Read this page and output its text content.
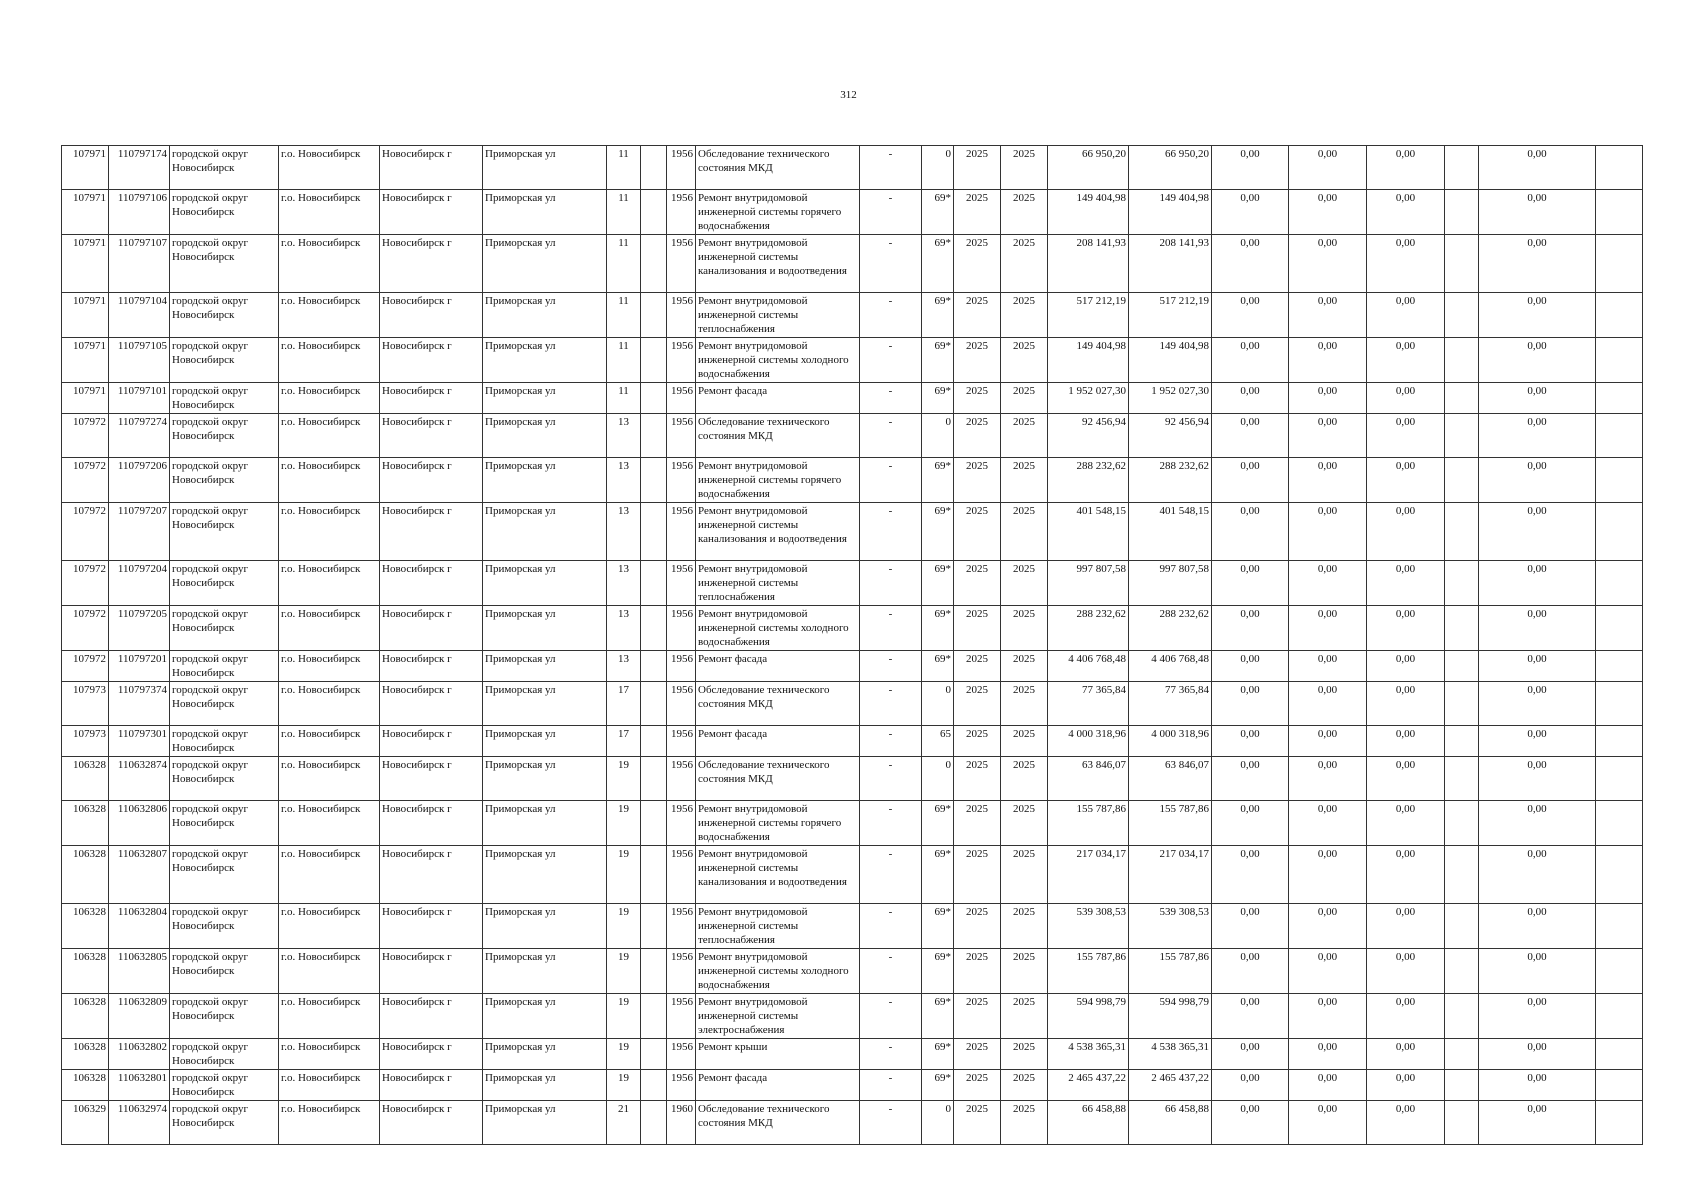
312
107971	110797174	городской округ Новосибирск	г.о. Новосибирск	Новосибирск г	Приморская ул	11		1956	Обследование технического состояния МКД	-	0	2025	2025	66 950,20	66 950,20	0,00	0,00	0,00		0,00	
107971	110797106	городской округ Новосибирск	г.о. Новосибирск	Новосибирск г	Приморская ул	11		1956	Ремонт внутридомовой инженерной системы горячего водоснабжения	-	69*	2025	2025	149 404,98	149 404,98	0,00	0,00	0,00		0,00	
107971	110797107	городской округ Новосибирск	г.о. Новосибирск	Новосибирск г	Приморская ул	11		1956	Ремонт внутридомовой инженерной системы канализования и водоотведения	-	69*	2025	2025	208 141,93	208 141,93	0,00	0,00	0,00		0,00	
107971	110797104	городской округ Новосибирск	г.о. Новосибирск	Новосибирск г	Приморская ул	11		1956	Ремонт внутридомовой инженерной системы теплоснабжения	-	69*	2025	2025	517 212,19	517 212,19	0,00	0,00	0,00		0,00	
107971	110797105	городской округ Новосибирск	г.о. Новосибирск	Новосибирск г	Приморская ул	11		1956	Ремонт внутридомовой инженерной системы холодного водоснабжения	-	69*	2025	2025	149 404,98	149 404,98	0,00	0,00	0,00		0,00	
107971	110797101	городской округ Новосибирск	г.о. Новосибирск	Новосибирск г	Приморская ул	11		1956	Ремонт фасада	-	69*	2025	2025	1 952 027,30	1 952 027,30	0,00	0,00	0,00		0,00	
107972	110797274	городской округ Новосибирск	г.о. Новосибирск	Новосибирск г	Приморская ул	13		1956	Обследование технического состояния МКД	-	0	2025	2025	92 456,94	92 456,94	0,00	0,00	0,00		0,00	
107972	110797206	городской округ Новосибирск	г.о. Новосибирск	Новосибирск г	Приморская ул	13		1956	Ремонт внутридомовой инженерной системы горячего водоснабжения	-	69*	2025	2025	288 232,62	288 232,62	0,00	0,00	0,00		0,00	
107972	110797207	городской округ Новосибирск	г.о. Новосибирск	Новосибирск г	Приморская ул	13		1956	Ремонт внутридомовой инженерной системы канализования и водоотведения	-	69*	2025	2025	401 548,15	401 548,15	0,00	0,00	0,00		0,00	
107972	110797204	городской округ Новосибирск	г.о. Новосибирск	Новосибирск г	Приморская ул	13		1956	Ремонт внутридомовой инженерной системы теплоснабжения	-	69*	2025	2025	997 807,58	997 807,58	0,00	0,00	0,00		0,00	
107972	110797205	городской округ Новосибирск	г.о. Новосибирск	Новосибирск г	Приморская ул	13		1956	Ремонт внутридомовой инженерной системы холодного водоснабжения	-	69*	2025	2025	288 232,62	288 232,62	0,00	0,00	0,00		0,00	
107972	110797201	городской округ Новосибирск	г.о. Новосибирск	Новосибирск г	Приморская ул	13		1956	Ремонт фасада	-	69*	2025	2025	4 406 768,48	4 406 768,48	0,00	0,00	0,00		0,00	
107973	110797374	городской округ Новосибирск	г.о. Новосибирск	Новосибирск г	Приморская ул	17		1956	Обследование технического состояния МКД	-	0	2025	2025	77 365,84	77 365,84	0,00	0,00	0,00		0,00	
107973	110797301	городской округ Новосибирск	г.о. Новосибирск	Новосибирск г	Приморская ул	17		1956	Ремонт фасада	-	65	2025	2025	4 000 318,96	4 000 318,96	0,00	0,00	0,00		0,00	
106328	110632874	городской округ Новосибирск	г.о. Новосибирск	Новосибирск г	Приморская ул	19		1956	Обследование технического состояния МКД	-	0	2025	2025	63 846,07	63 846,07	0,00	0,00	0,00		0,00	
106328	110632806	городской округ Новосибирск	г.о. Новосибирск	Новосибирск г	Приморская ул	19		1956	Ремонт внутридомовой инженерной системы горячего водоснабжения	-	69*	2025	2025	155 787,86	155 787,86	0,00	0,00	0,00		0,00	
106328	110632807	городской округ Новосибирск	г.о. Новосибирск	Новосибирск г	Приморская ул	19		1956	Ремонт внутридомовой инженерной системы канализования и водоотведения	-	69*	2025	2025	217 034,17	217 034,17	0,00	0,00	0,00		0,00	
106328	110632804	городской округ Новосибирск	г.о. Новосибирск	Новосибирск г	Приморская ул	19		1956	Ремонт внутридомовой инженерной системы теплоснабжения	-	69*	2025	2025	539 308,53	539 308,53	0,00	0,00	0,00		0,00	
106328	110632805	городской округ Новосибирск	г.о. Новосибирск	Новосибирск г	Приморская ул	19		1956	Ремонт внутридомовой инженерной системы холодного водоснабжения	-	69*	2025	2025	155 787,86	155 787,86	0,00	0,00	0,00		0,00	
106328	110632809	городской округ Новосибирск	г.о. Новосибирск	Новосибирск г	Приморская ул	19		1956	Ремонт внутридомовой инженерной системы электроснабжения	-	69*	2025	2025	594 998,79	594 998,79	0,00	0,00	0,00		0,00	
106328	110632802	городской округ Новосибирск	г.о. Новосибирск	Новосибирск г	Приморская ул	19		1956	Ремонт крыши	-	69*	2025	2025	4 538 365,31	4 538 365,31	0,00	0,00	0,00		0,00	
106328	110632801	городской округ Новосибирск	г.о. Новосибирск	Новосибирск г	Приморская ул	19		1956	Ремонт фасада	-	69*	2025	2025	2 465 437,22	2 465 437,22	0,00	0,00	0,00		0,00	
106329	110632974	городской округ Новосибирск	г.о. Новосибирск	Новосибирск г	Приморская ул	21		1960	Обследование технического состояния МКД	-	0	2025	2025	66 458,88	66 458,88	0,00	0,00	0,00		0,00	
